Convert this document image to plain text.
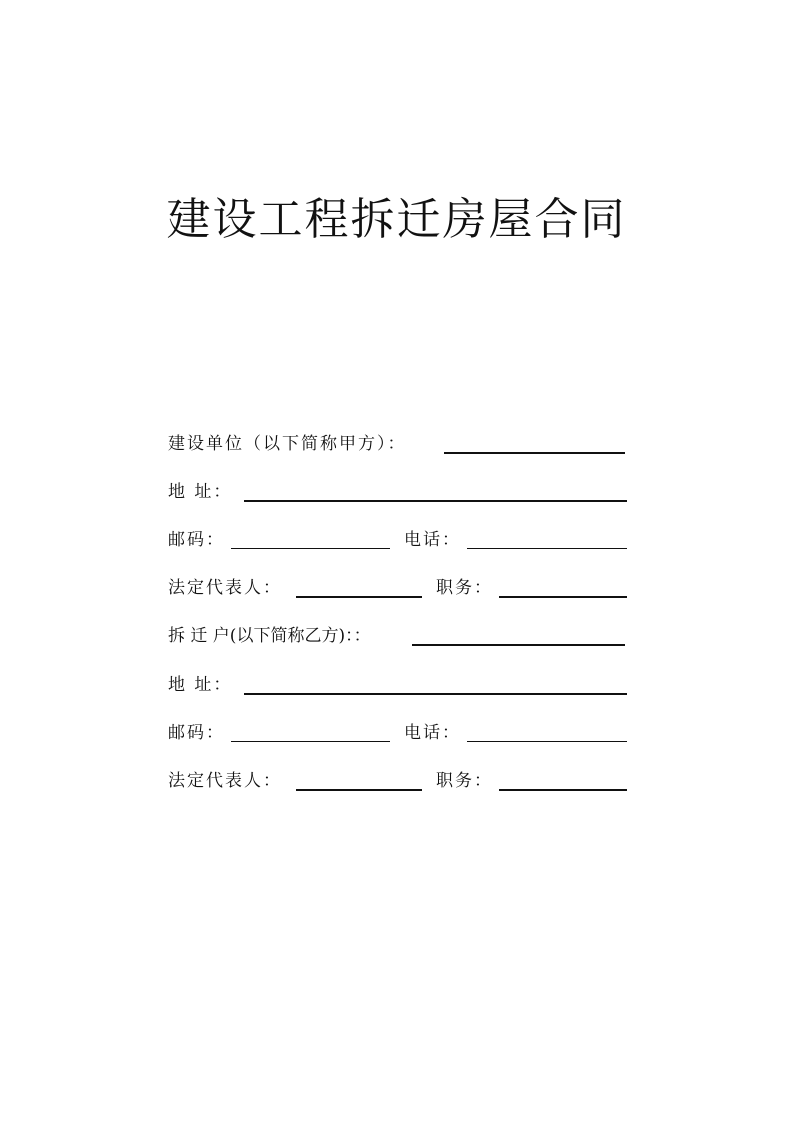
建设工程拆迁房屋合同
建设单位（以下简称甲方）：
地 址：
邮码：	电话：
法定代表人：	职务：
拆 迁 户(以下简称乙方)：：
地 址：
邮码：	电话：
法定代表人：	职务：
